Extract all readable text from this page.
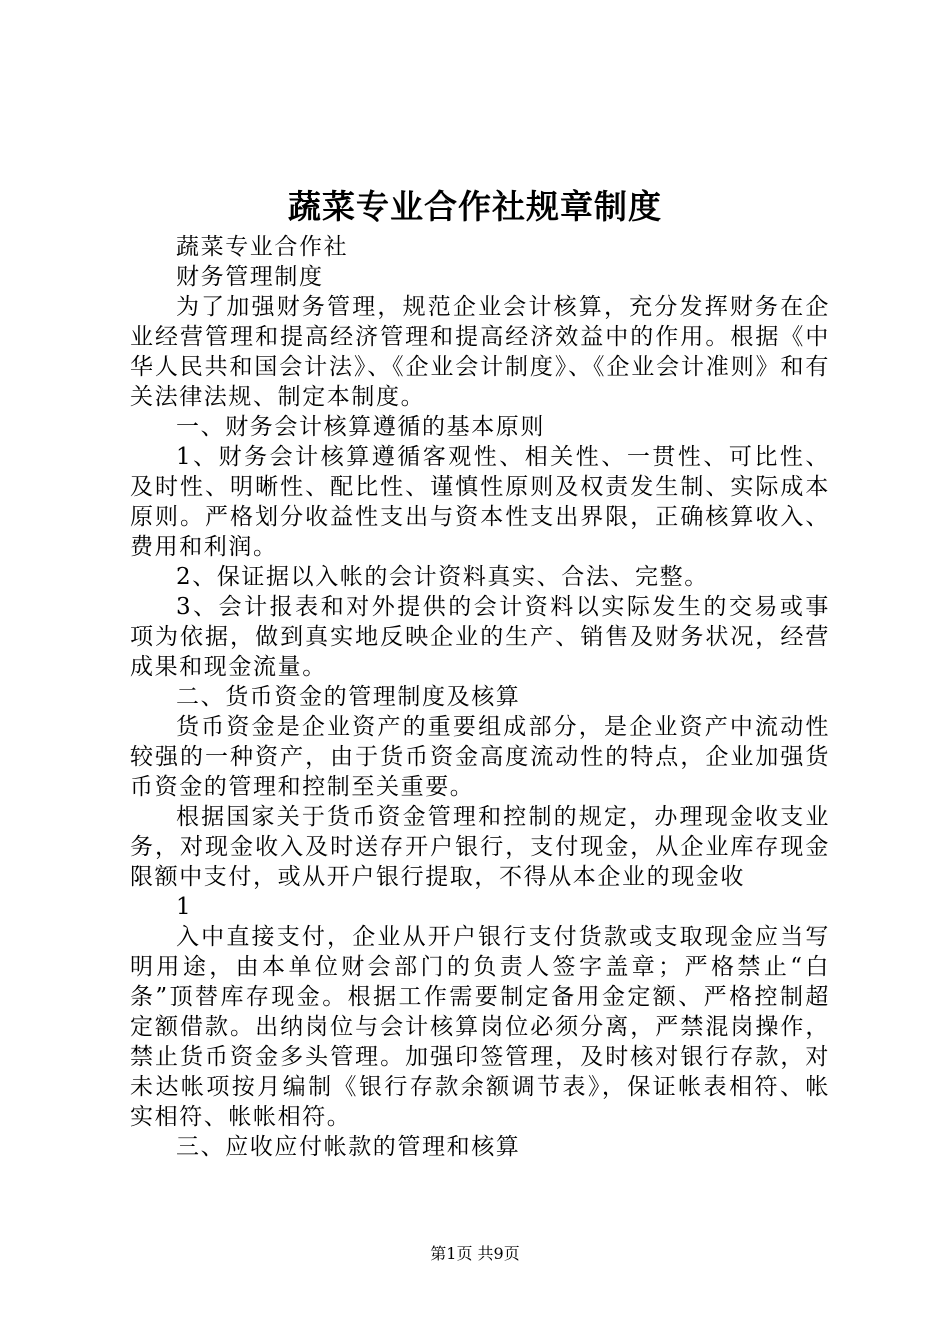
蔬菜专业合作社规章制度

蔬菜专业合作社

财务管理制度

为了加强财务管理，规范企业会计核算，充分发挥财务在企业经营管理和提高经济管理和提高经济效益中的作用。根据《中华人民共和国会计法》、《企业会计制度》、《企业会计准则》和有关法律法规、制定本制度。

一、财务会计核算遵循的基本原则

1、财务会计核算遵循客观性、相关性、一贯性、可比性、及时性、明晰性、配比性、谨慎性原则及权责发生制、实际成本原则。严格划分收益性支出与资本性支出界限，正确核算收入、费用和利润。

2、保证据以入帐的会计资料真实、合法、完整。

3、会计报表和对外提供的会计资料以实际发生的交易或事项为依据，做到真实地反映企业的生产、销售及财务状况，经营成果和现金流量。

二、货币资金的管理制度及核算

货币资金是企业资产的重要组成部分，是企业资产中流动性较强的一种资产，由于货币资金高度流动性的特点，企业加强货币资金的管理和控制至关重要。

根据国家关于货币资金管理和控制的规定，办理现金收支业务，对现金收入及时送存开户银行，支付现金，从企业库存现金限额中支付，或从开户银行提取，不得从本企业的现金收

1

入中直接支付，企业从开户银行支付货款或支取现金应当写明用途，由本单位财会部门的负责人签字盖章；严格禁止“白条”顶替库存现金。根据工作需要制定备用金定额、严格控制超定额借款。出纳岗位与会计核算岗位必须分离，严禁混岗操作，禁止货币资金多头管理。加强印签管理，及时核对银行存款，对未达帐项按月编制《银行存款余额调节表》，保证帐表相符、帐实相符、帐帐相符。

三、应收应付帐款的管理和核算

第1页 共9页
